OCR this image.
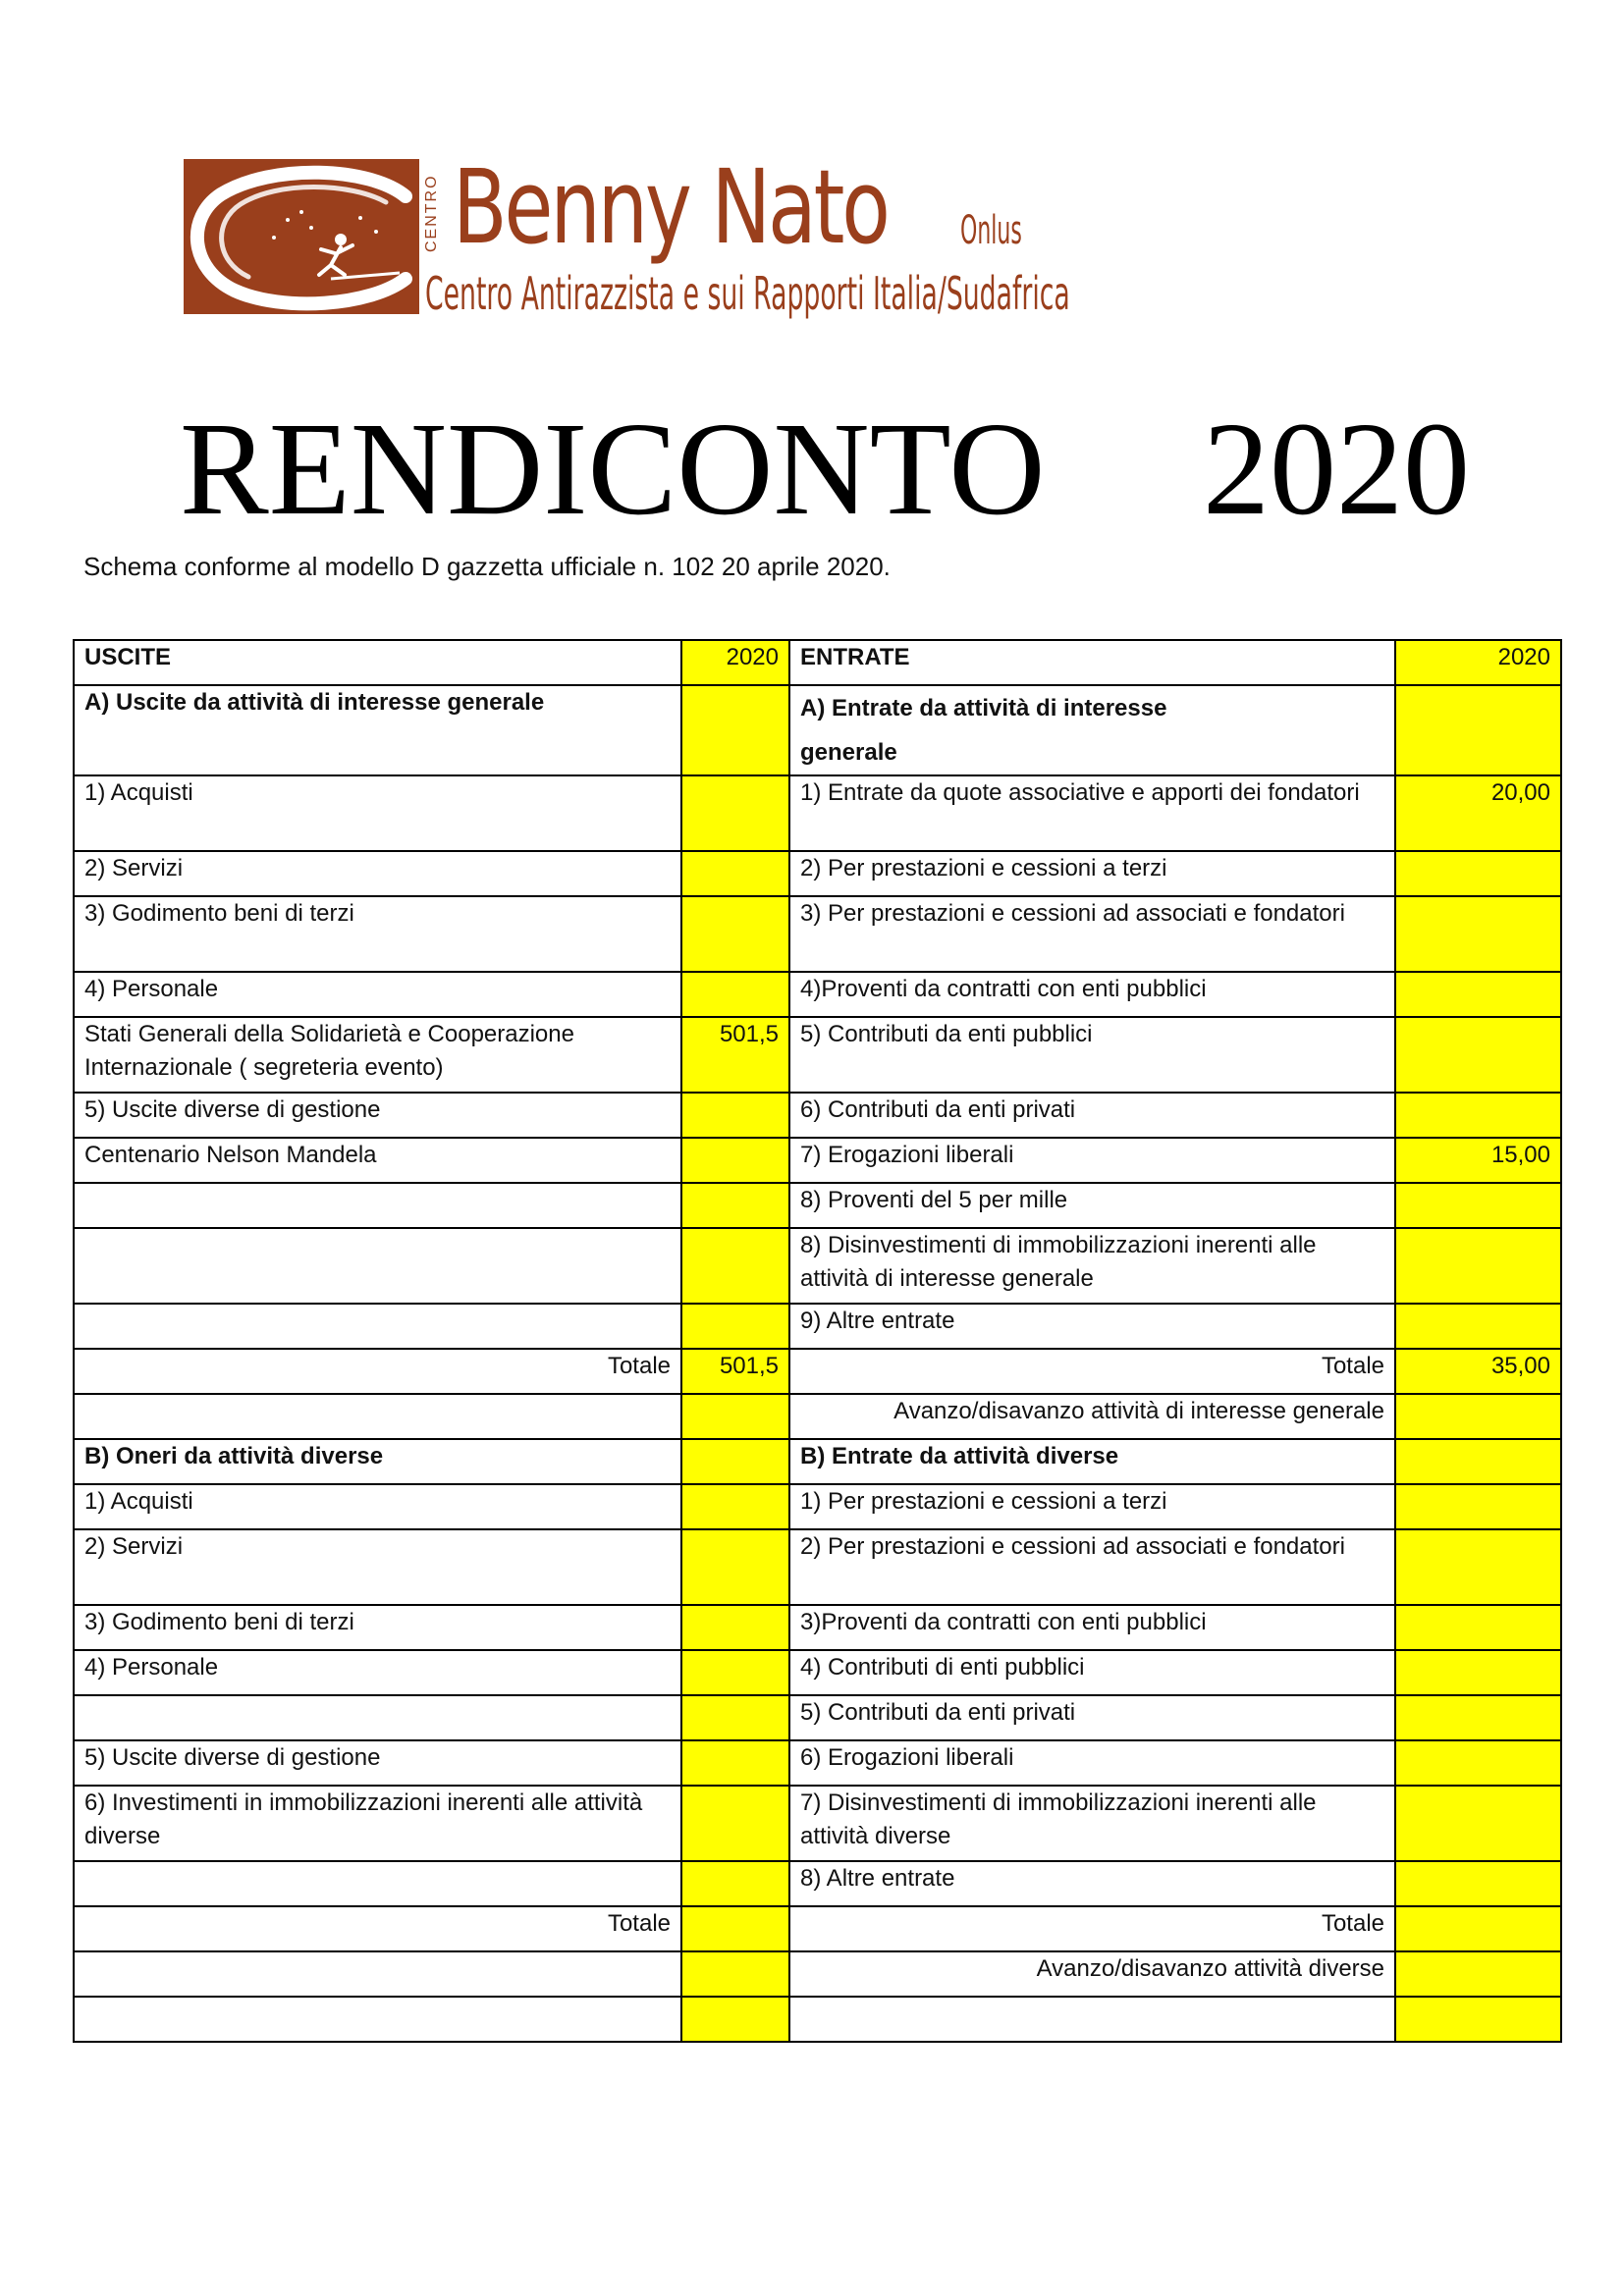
CENTRO Benny Nato Onlus
Centro Antirazzista e sui Rapporti Italia/Sudafrica
RENDICONTO 2020
Schema conforme al modello D gazzetta ufficiale n. 102 20 aprile 2020.
USCITE	2020	ENTRATE	2020
A) Uscite da attività di interesse generale		A) Entrate da attività di interesse
generale	
1) Acquisti		1) Entrate da quote associative e apporti dei fondatori	20,00
2) Servizi		2) Per prestazioni e cessioni a terzi	
3) Godimento beni di terzi		3) Per prestazioni e cessioni ad associati e fondatori	
4) Personale		4)Proventi da contratti con enti pubblici	
Stati Generali della Solidarietà e Cooperazione Internazionale ( segreteria evento)	501,5	5) Contributi da enti pubblici	
5) Uscite diverse di gestione		6) Contributi da enti privati	
Centenario Nelson Mandela		7) Erogazioni liberali	15,00
		8) Proventi del 5 per mille	
		8) Disinvestimenti di immobilizzazioni inerenti alle attività di interesse generale	
		9) Altre entrate	
Totale	501,5	Totale	35,00
		Avanzo/disavanzo attività di interesse generale	
B) Oneri da attività diverse		B) Entrate da attività diverse	
1) Acquisti		1) Per prestazioni e cessioni a terzi	
2) Servizi		2) Per prestazioni e cessioni ad associati e fondatori	
3) Godimento beni di terzi		3)Proventi da contratti con enti pubblici	
4) Personale		4) Contributi di enti pubblici	
		5) Contributi da enti privati	
5) Uscite diverse di gestione		6) Erogazioni liberali	
6) Investimenti in immobilizzazioni inerenti alle attività diverse		7) Disinvestimenti di immobilizzazioni inerenti alle attività diverse	
		8) Altre entrate	
Totale		Totale	
		Avanzo/disavanzo attività diverse	
